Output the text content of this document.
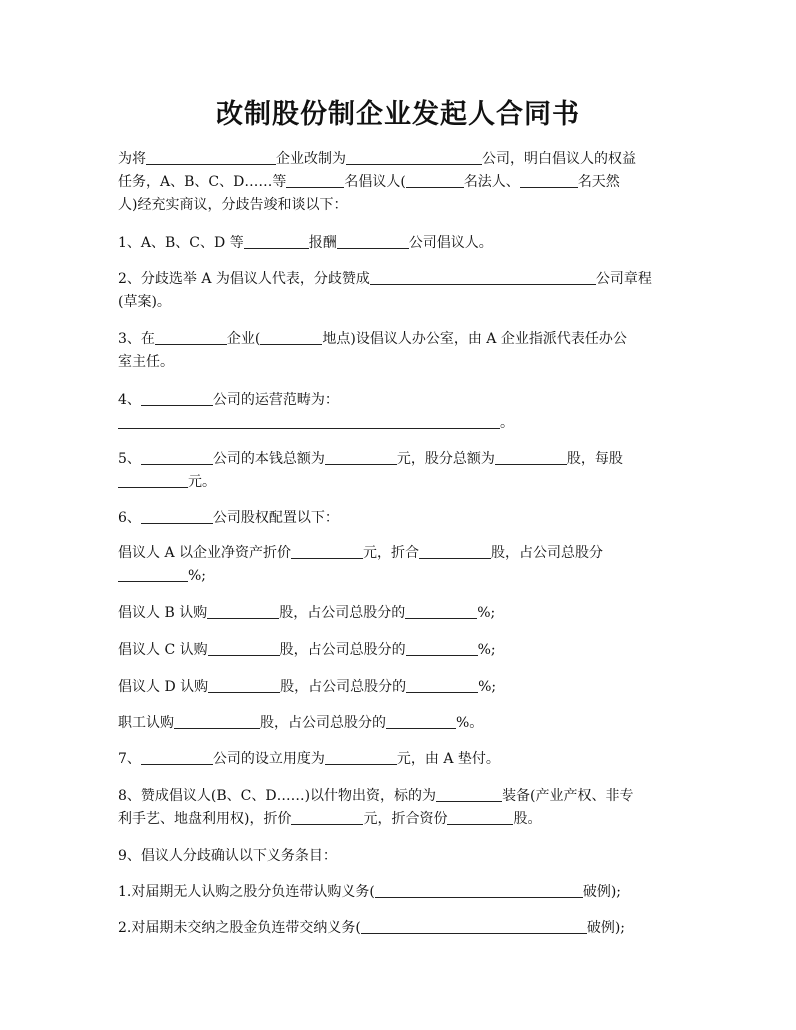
改制股份制企业发起人合同书
为将	企业改制为	公司，明白倡议人的权益
任务，A、B、C、D……等	名倡议人(	名法人、	名天然
人)经充实商议，分歧告竣和谈以下：
1、A、B、C、D 等	报酬	公司倡议人。
2、分歧选举 A 为倡议人代表，分歧赞成	公司章程
(草案)。
3、在	企业(	地点)设倡议人办公室，由 A 企业指派代表任办公
室主任。
4、	公司的运营范畴为：
。
5、	公司的本钱总额为	元，股分总额为	股，每股
元。
6、	公司股权配置以下：
倡议人 A 以企业净资产折价	元，折合	股，占公司总股分
%;
倡议人 B 认购	股，占公司总股分的	%;
倡议人 C 认购	股，占公司总股分的	%;
倡议人 D 认购	股，占公司总股分的	%;
职工认购	股，占公司总股分的	%。
7、	公司的设立用度为	元，由 A 垫付。
8、赞成倡议人(B、C、D……)以什物出资，标的为	装备(产业产权、非专
利手艺、地盘利用权)，折价	元，折合资份	股。
9、倡议人分歧确认以下义务条目：
1.对届期无人认购之股分负连带认购义务(	破例);
2.对届期未交纳之股金负连带交纳义务(	破例);
